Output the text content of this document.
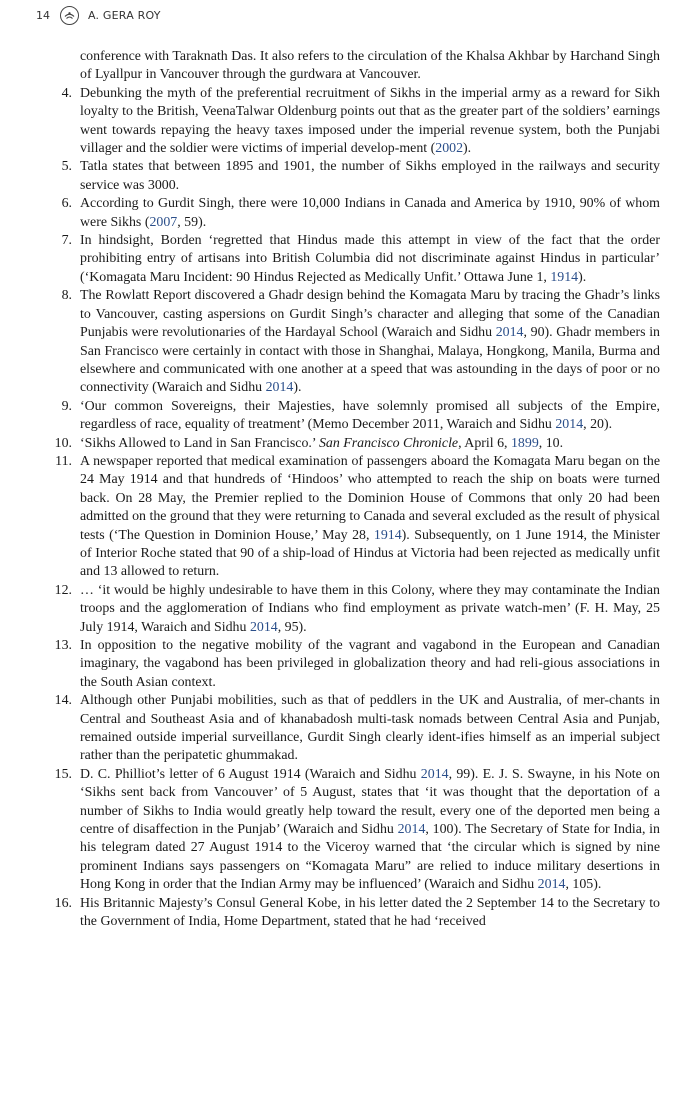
14	A. GERA ROY
conference with Taraknath Das. It also refers to the circulation of the Khalsa Akhbar by Harchand Singh of Lyallpur in Vancouver through the gurdwara at Vancouver.
4. Debunking the myth of the preferential recruitment of Sikhs in the imperial army as a reward for Sikh loyalty to the British, VeenaTalwar Oldenburg points out that as the greater part of the soldiers’ earnings went towards repaying the heavy taxes imposed under the imperial revenue system, both the Punjabi villager and the soldier were victims of imperial develop-ment (2002).
5. Tatla states that between 1895 and 1901, the number of Sikhs employed in the railways and security service was 3000.
6. According to Gurdit Singh, there were 10,000 Indians in Canada and America by 1910, 90% of whom were Sikhs (2007, 59).
7. In hindsight, Borden ‘regretted that Hindus made this attempt in view of the fact that the order prohibiting entry of artisans into British Columbia did not discriminate against Hindus in particular’ (‘Komagata Maru Incident: 90 Hindus Rejected as Medically Unfit.’ Ottawa June 1, 1914).
8. The Rowlatt Report discovered a Ghadr design behind the Komagata Maru by tracing the Ghadr’s links to Vancouver, casting aspersions on Gurdit Singh’s character and alleging that some of the Canadian Punjabis were revolutionaries of the Hardayal School (Waraich and Sidhu 2014, 90). Ghadr members in San Francisco were certainly in contact with those in Shanghai, Malaya, Hongkong, Manila, Burma and elsewhere and communicated with one another at a speed that was astounding in the days of poor or no connectivity (Waraich and Sidhu 2014).
9. ‘Our common Sovereigns, their Majesties, have solemnly promised all subjects of the Empire, regardless of race, equality of treatment’ (Memo December 2011, Waraich and Sidhu 2014, 20).
10. ‘Sikhs Allowed to Land in San Francisco.’ San Francisco Chronicle, April 6, 1899, 10.
11. A newspaper reported that medical examination of passengers aboard the Komagata Maru began on the 24 May 1914 and that hundreds of ‘Hindoos’ who attempted to reach the ship on boats were turned back. On 28 May, the Premier replied to the Dominion House of Commons that only 20 had been admitted on the ground that they were returning to Canada and several excluded as the result of physical tests (‘The Question in Dominion House,’ May 28, 1914). Subsequently, on 1 June 1914, the Minister of Interior Roche stated that 90 of a ship-load of Hindus at Victoria had been rejected as medically unfit and 13 allowed to return.
12. … ‘it would be highly undesirable to have them in this Colony, where they may contaminate the Indian troops and the agglomeration of Indians who find employment as private watch-men’ (F. H. May, 25 July 1914, Waraich and Sidhu 2014, 95).
13. In opposition to the negative mobility of the vagrant and vagabond in the European and Canadian imaginary, the vagabond has been privileged in globalization theory and had reli-gious associations in the South Asian context.
14. Although other Punjabi mobilities, such as that of peddlers in the UK and Australia, of mer-chants in Central and Southeast Asia and of khanabadosh multi-task nomads between Central Asia and Punjab, remained outside imperial surveillance, Gurdit Singh clearly ident-ifies himself as an imperial subject rather than the peripatetic ghummakad.
15. D. C. Philliot’s letter of 6 August 1914 (Waraich and Sidhu 2014, 99). E. J. S. Swayne, in his Note on ‘Sikhs sent back from Vancouver’ of 5 August, states that ‘it was thought that the deportation of a number of Sikhs to India would greatly help toward the result, every one of the deported men being a centre of disaffection in the Punjab’ (Waraich and Sidhu 2014, 100). The Secretary of State for India, in his telegram dated 27 August 1914 to the Viceroy warned that ‘the circular which is signed by nine prominent Indians says passengers on “Komagata Maru” are relied to induce military desertions in Hong Kong in order that the Indian Army may be influenced’ (Waraich and Sidhu 2014, 105).
16. His Britannic Majesty’s Consul General Kobe, in his letter dated the 2 September 14 to the Secretary to the Government of India, Home Department, stated that he had ‘received
